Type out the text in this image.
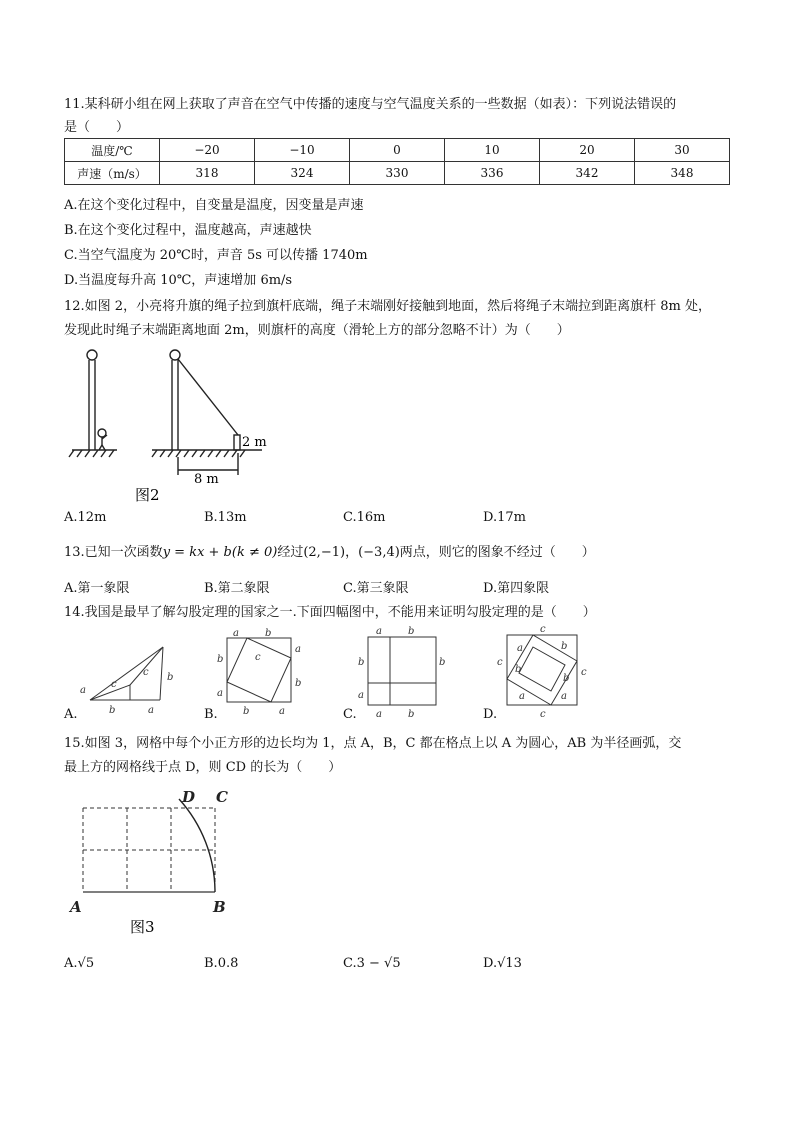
11.某科研小组在网上获取了声音在空气中传播的速度与空气温度关系的一些数据（如表）：下列说法错误的
是（　　）
温度/℃	−20	−10	0	10	20	30
声速（m/s）	318	324	330	336	342	348
A.在这个变化过程中，自变量是温度，因变量是声速
B.在这个变化过程中，温度越高，声速越快
C.当空气温度为 20℃时，声音 5s 可以传播 1740m
D.当温度每升高 10℃，声速增加 6m/s
12.如图 2，小亮将升旗的绳子拉到旗杆底端，绳子末端刚好接触到地面，然后将绳子末端拉到距离旗杆 8m 处，
发现此时绳子末端距离地面 2m，则旗杆的高度（滑轮上方的部分忽略不计）为（　　）
2 m
8 m
图2
A.12m	B.13m	C.16m	D.17m
13.已知一次函数y = kx + b(k ≠ 0)经过(2,−1)，(−3,4)两点，则它的图象不经过（　　）
A.第一象限	B.第二象限	C.第三象限	D.第四象限
14.我国是最早了解勾股定理的国家之一.下面四幅图中，不能用来证明勾股定理的是（　　）
A.
a
b	a
c
c b
B.
a	b
b
a
a
b
b	a
c
C.
a	b
b	b
a
a	b	D.
c
c
c
c
a	b
b
b
a	a
15.如图 3，网格中每个小正方形的边长均为 1，点 A，B，C 都在格点上以 A 为圆心，AB 为半径画弧，交
最上方的网格线于点 D，则 CD 的长为（　　）
A	B
C
D
图3
A.√5	B.0.8	C.3 − √5	D.√13
